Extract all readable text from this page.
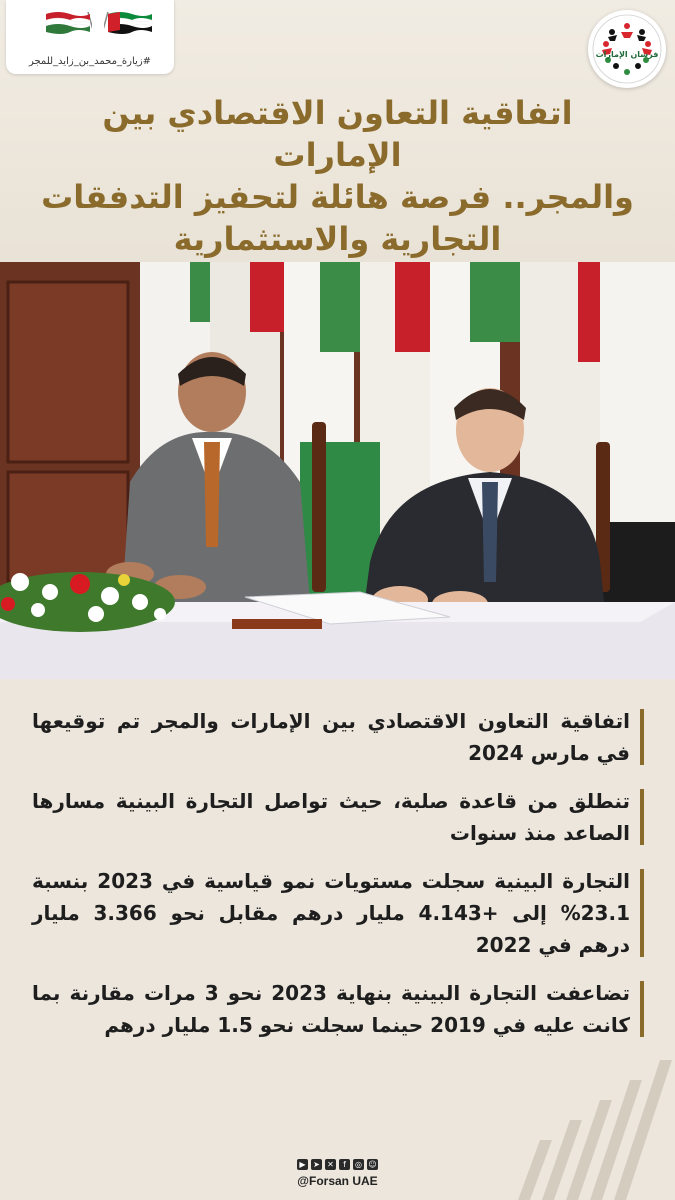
#زيارة_محمد_بن_زايد_للمجر
فرسان الإمارات
اتفاقية التعاون الاقتصادي بين الإمارات
والمجر.. فرصة هائلة لتحفيز التدفقات
التجارية والاستثمارية
اتفاقية التعاون الاقتصادي بين الإمارات والمجر تم توقيعها في مارس 2024
تنطلق من قاعدة صلبة، حيث تواصل التجارة البينية مسارها الصاعد منذ سنوات
التجارة البينية سجلت مستويات نمو قياسية في 2023 بنسبة 23.1% إلى +4.143 مليار درهم مقابل نحو 3.366 مليار درهم في 2022
تضاعفت التجارة البينية بنهاية 2023 نحو 3 مرات مقارنة بما كانت عليه في 2019 حينما سجلت نحو 1.5 مليار درهم
▶ ➤ ✕	f	◎ ☺
@Forsan UAE
